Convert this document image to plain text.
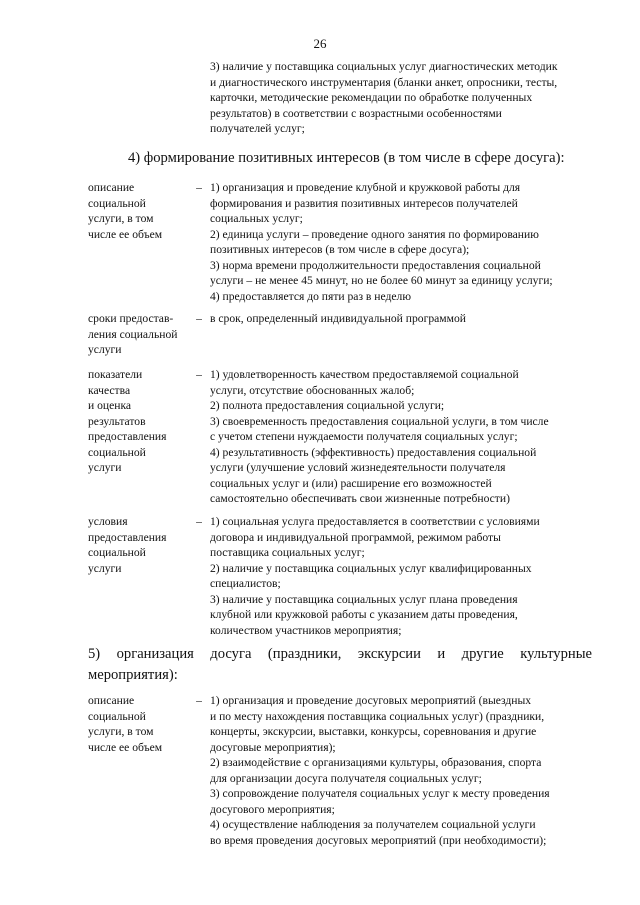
26
3) наличие у поставщика социальных услуг диагностических методик
и диагностического инструментария (бланки анкет, опросники, тесты,
карточки, методические рекомендации по обработке полученных
результатов) в соответствии с возрастными особенностями
получателей услуг;
4) формирование позитивных интересов (в том числе в сфере досуга):
описание
социальной
услуги, в том
числе ее объем
– 1) организация и проведение клубной и кружковой работы для
формирования и развития позитивных интересов получателей
социальных услуг;
2) единица услуги – проведение одного занятия по формированию
позитивных интересов (в том числе в сфере досуга);
3) норма времени продолжительности предоставления социальной
услуги – не менее 45 минут, но не более 60 минут за единицу услуги;
4) предоставляется до пяти раз в неделю
сроки предостав-
ления социальной
услуги
– в срок, определенный индивидуальной программой
показатели
качества
и оценка
результатов
предоставления
социальной
услуги
– 1) удовлетворенность качеством предоставляемой социальной
услуги, отсутствие обоснованных жалоб;
2) полнота предоставления социальной услуги;
3) своевременность предоставления социальной услуги, в том числе
с учетом степени нуждаемости получателя социальных услуг;
4) результативность (эффективность) предоставления социальной
услуги (улучшение условий жизнедеятельности получателя
социальных услуг и (или) расширение его возможностей
самостоятельно обеспечивать свои жизненные потребности)
условия
предоставления
социальной
услуги
– 1) социальная услуга предоставляется в соответствии с условиями
договора и индивидуальной программой, режимом работы
поставщика социальных услуг;
2) наличие у поставщика социальных услуг квалифицированных
специалистов;
3) наличие у поставщика социальных услуг плана проведения
клубной или кружковой работы с указанием даты проведения,
количеством участников мероприятия;
5) организация досуга (праздники, экскурсии и другие культурные
мероприятия):
описание
социальной
услуги, в том
числе ее объем
– 1) организация и проведение досуговых мероприятий (выездных
и по месту нахождения поставщика социальных услуг) (праздники,
концерты, экскурсии, выставки, конкурсы, соревнования и другие
досуговые мероприятия);
2) взаимодействие с организациями культуры, образования, спорта
для организации досуга получателя социальных услуг;
3) сопровождение получателя социальных услуг к месту проведения
досугового мероприятия;
4) осуществление наблюдения за получателем социальной услуги
во время проведения досуговых мероприятий (при необходимости);
